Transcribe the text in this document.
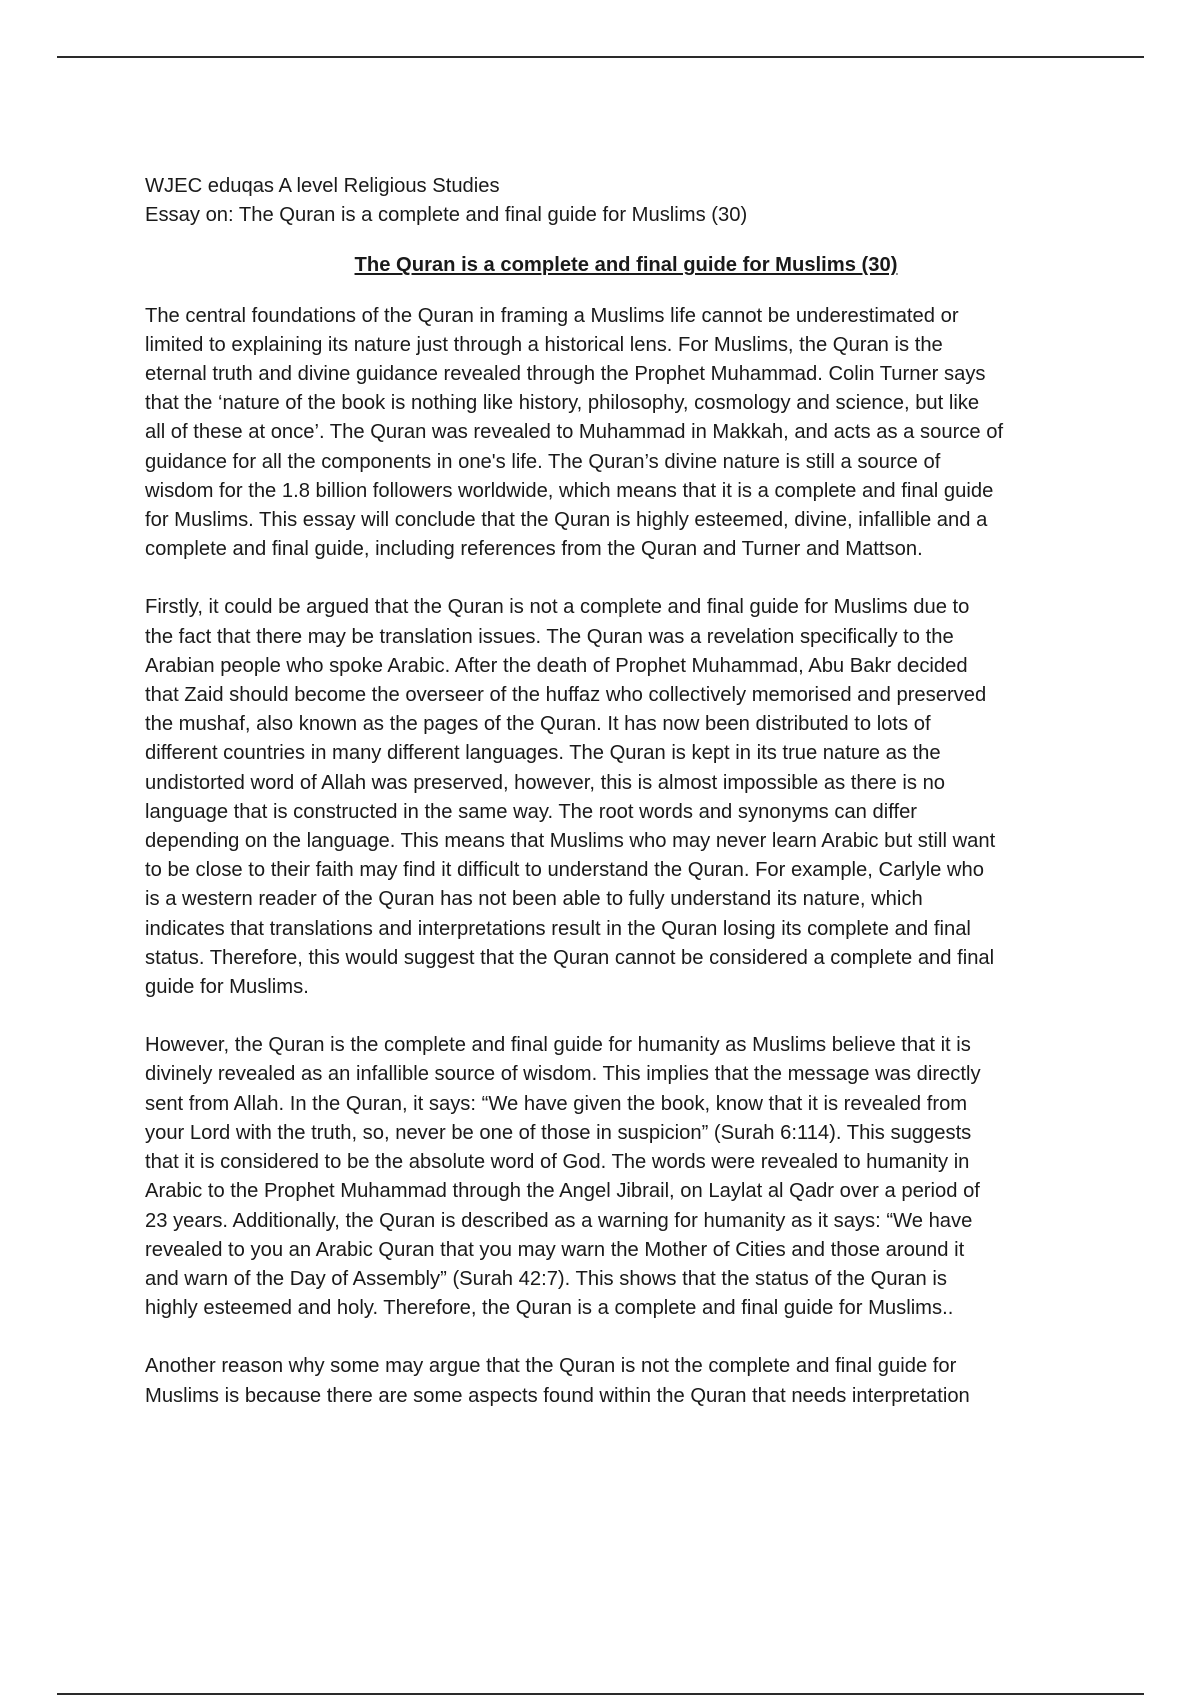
WJEC eduqas A level Religious Studies
Essay on: The Quran is a complete and final guide for Muslims (30)
The Quran is a complete and final guide for Muslims (30)

The central foundations of the Quran in framing a Muslims life cannot be underestimated or
limited to explaining its nature just through a historical lens. For Muslims, the Quran is the
eternal truth and divine guidance revealed through the Prophet Muhammad. Colin Turner says
that the ‘nature of the book is nothing like history, philosophy, cosmology and science, but like
all of these at once’. The Quran was revealed to Muhammad in Makkah, and acts as a source of
guidance for all the components in one's life. The Quran’s divine nature is still a source of
wisdom for the 1.8 billion followers worldwide, which means that it is a complete and final guide
for Muslims. This essay will conclude that the Quran is highly esteemed, divine, infallible and a
complete and final guide, including references from the Quran and Turner and Mattson.

Firstly, it could be argued that the Quran is not a complete and final guide for Muslims due to
the fact that there may be translation issues. The Quran was a revelation specifically to the
Arabian people who spoke Arabic. After the death of Prophet Muhammad, Abu Bakr decided
that Zaid should become the overseer of the huffaz who collectively memorised and preserved
the mushaf, also known as the pages of the Quran. It has now been distributed to lots of
different countries in many different languages. The Quran is kept in its true nature as the
undistorted word of Allah was preserved, however, this is almost impossible as there is no
language that is constructed in the same way. The root words and synonyms can differ
depending on the language. This means that Muslims who may never learn Arabic but still want
to be close to their faith may find it difficult to understand the Quran. For example, Carlyle who
is a western reader of the Quran has not been able to fully understand its nature, which
indicates that translations and interpretations result in the Quran losing its complete and final
status. Therefore, this would suggest that the Quran cannot be considered a complete and final
guide for Muslims.

However, the Quran is the complete and final guide for humanity as Muslims believe that it is
divinely revealed as an infallible source of wisdom. This implies that the message was directly
sent from Allah. In the Quran, it says: “We have given the book, know that it is revealed from
your Lord with the truth, so, never be one of those in suspicion” (Surah 6:114). This suggests
that it is considered to be the absolute word of God. The words were revealed to humanity in
Arabic to the Prophet Muhammad through the Angel Jibrail, on Laylat al Qadr over a period of
23 years. Additionally, the Quran is described as a warning for humanity as it says: “We have
revealed to you an Arabic Quran that you may warn the Mother of Cities and those around it
and warn of the Day of Assembly” (Surah 42:7). This shows that the status of the Quran is
highly esteemed and holy. Therefore, the Quran is a complete and final guide for Muslims..

Another reason why some may argue that the Quran is not the complete and final guide for
Muslims is because there are some aspects found within the Quran that needs interpretation
